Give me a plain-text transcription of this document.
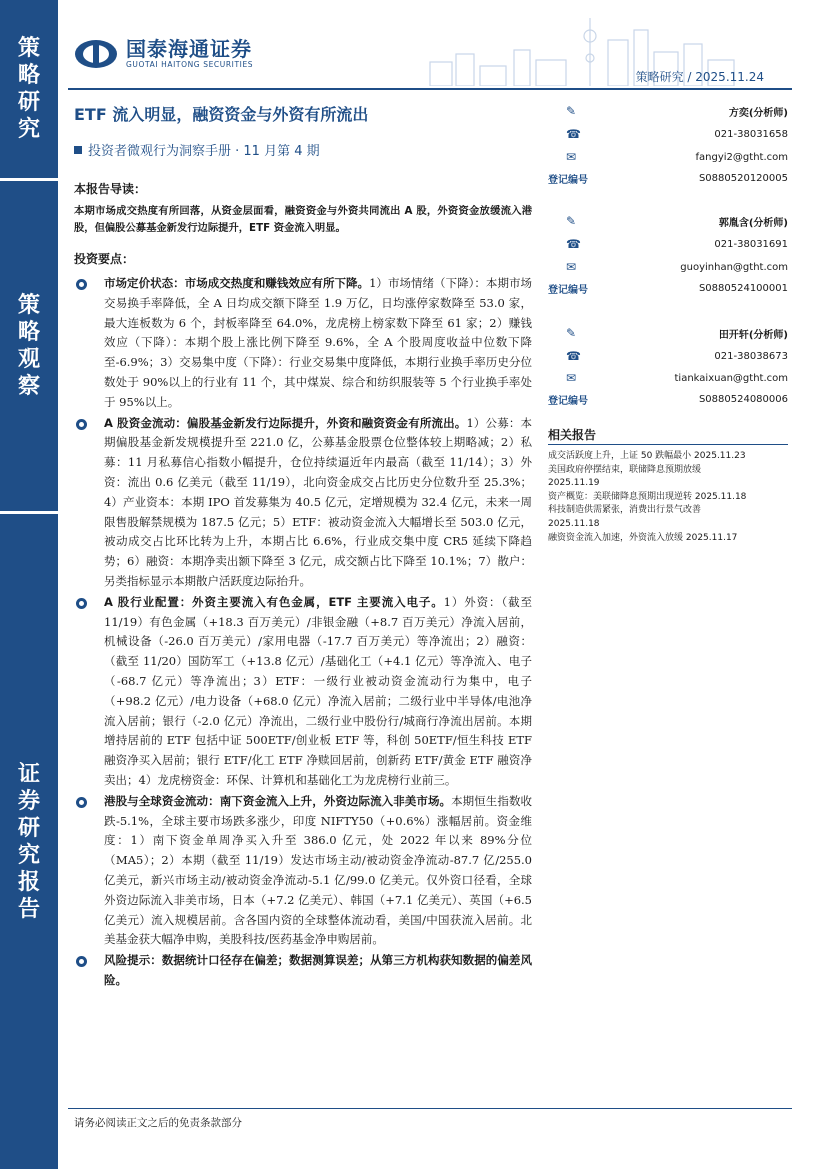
策
略
研
究
策
略
观
察
证
券
研
究
报
告
国泰海通证券
GUOTAI HAITONG SECURITIES
策略研究 / 2025.11.24
ETF 流入明显，融资资金与外资有所流出
投资者微观行为洞察手册 · 11 月第 4 期
✎	方奕(分析师)
☎	021-38031658
✉	fangyi2@gtht.com
登记编号	S0880520120005
✎	郭胤含(分析师)
☎	021-38031691
✉	guoyinhan@gtht.com
登记编号	S0880524100001
✎	田开轩(分析师)
☎	021-38038673
✉	tiankaixuan@gtht.com
登记编号	S0880524080006
相关报告
成交活跃度上升，上证 50 跌幅最小 2025.11.23
美国政府停摆结束，联储降息预期放缓
2025.11.19
资产概览：美联储降息预期出现逆转 2025.11.18
科技制造供需紧张，消费出行景气改善
2025.11.18
融资资金流入加速，外资流入放缓 2025.11.17
本报告导读：
本期市场成交热度有所回落，从资金层面看，融资资金与外资共同流出 A 股，外资资金放缓流入港股，但偏股公募基金新发行边际提升，ETF 资金流入明显。
投资要点：
市场定价状态：市场成交热度和赚钱效应有所下降。1）市场情绪（下降）：本期市场交易换手率降低，全 A 日均成交额下降至 1.9 万亿，日均涨停家数降至 53.0 家，最大连板数为 6 个，封板率降至 64.0%，龙虎榜上榜家数下降至 61 家；2）赚钱效应（下降）：本期个股上涨比例下降至 9.6%，全 A 个股周度收益中位数下降至-6.9%；3）交易集中度（下降）：行业交易集中度降低，本期行业换手率历史分位数处于 90%以上的行业有 11 个，其中煤炭、综合和纺织服装等 5 个行业换手率处于 95%以上。
A 股资金流动：偏股基金新发行边际提升，外资和融资资金有所流出。1）公募：本期偏股基金新发规模提升至 221.0 亿，公募基金股票仓位整体较上期略减；2）私募：11 月私募信心指数小幅提升，仓位持续逼近年内最高（截至 11/14）；3）外资：流出 0.6 亿美元（截至 11/19），北向资金成交占比历史分位数升至 25.3%；4）产业资本：本期 IPO 首发募集为 40.5 亿元，定增规模为 32.4 亿元，未来一周限售股解禁规模为 187.5 亿元；5）ETF：被动资金流入大幅增长至 503.0 亿元，被动成交占比环比转为上升，本期占比 6.6%，行业成交集中度 CR5 延续下降趋势；6）融资：本期净卖出额下降至 3 亿元，成交额占比下降至 10.1%；7）散户：另类指标显示本期散户活跃度边际抬升。
A 股行业配置：外资主要流入有色金属，ETF 主要流入电子。1）外资：（截至 11/19）有色金属（+18.3 百万美元）/非银金融（+8.7 百万美元）净流入居前，机械设备（-26.0 百万美元）/家用电器（-17.7 百万美元）等净流出；2）融资：（截至 11/20）国防军工（+13.8 亿元）/基础化工（+4.1 亿元）等净流入、电子（-68.7 亿元）等净流出；3）ETF：一级行业被动资金流动行为集中，电子（+98.2 亿元）/电力设备（+68.0 亿元）净流入居前；二级行业中半导体/电池净流入居前；银行（-2.0 亿元）净流出，二级行业中股份行/城商行净流出居前。本期增持居前的 ETF 包括中证 500ETF/创业板 ETF 等，科创 50ETF/恒生科技 ETF 融资净买入居前；银行 ETF/化工 ETF 净赎回居前，创新药 ETF/黄金 ETF 融资净卖出；4）龙虎榜资金：环保、计算机和基础化工为龙虎榜行业前三。
港股与全球资金流动：南下资金流入上升，外资边际流入非美市场。本期恒生指数收跌-5.1%，全球主要市场跌多涨少，印度 NIFTY50（+0.6%）涨幅居前。资金维度：1）南下资金单周净买入升至 386.0 亿元，处 2022 年以来 89%分位（MA5）；2）本期（截至 11/19）发达市场主动/被动资金净流动-87.7 亿/255.0 亿美元，新兴市场主动/被动资金净流动-5.1 亿/99.0 亿美元。仅外资口径看，全球外资边际流入非美市场，日本（+7.2 亿美元）、韩国（+7.1 亿美元）、英国（+6.5 亿美元）流入规模居前。含各国内资的全球整体流动看，美国/中国获流入居前。北美基金获大幅净申购，美股科技/医药基金净申购居前。
风险提示：数据统计口径存在偏差；数据测算误差；从第三方机构获知数据的偏差风险。
请务必阅读正文之后的免责条款部分
